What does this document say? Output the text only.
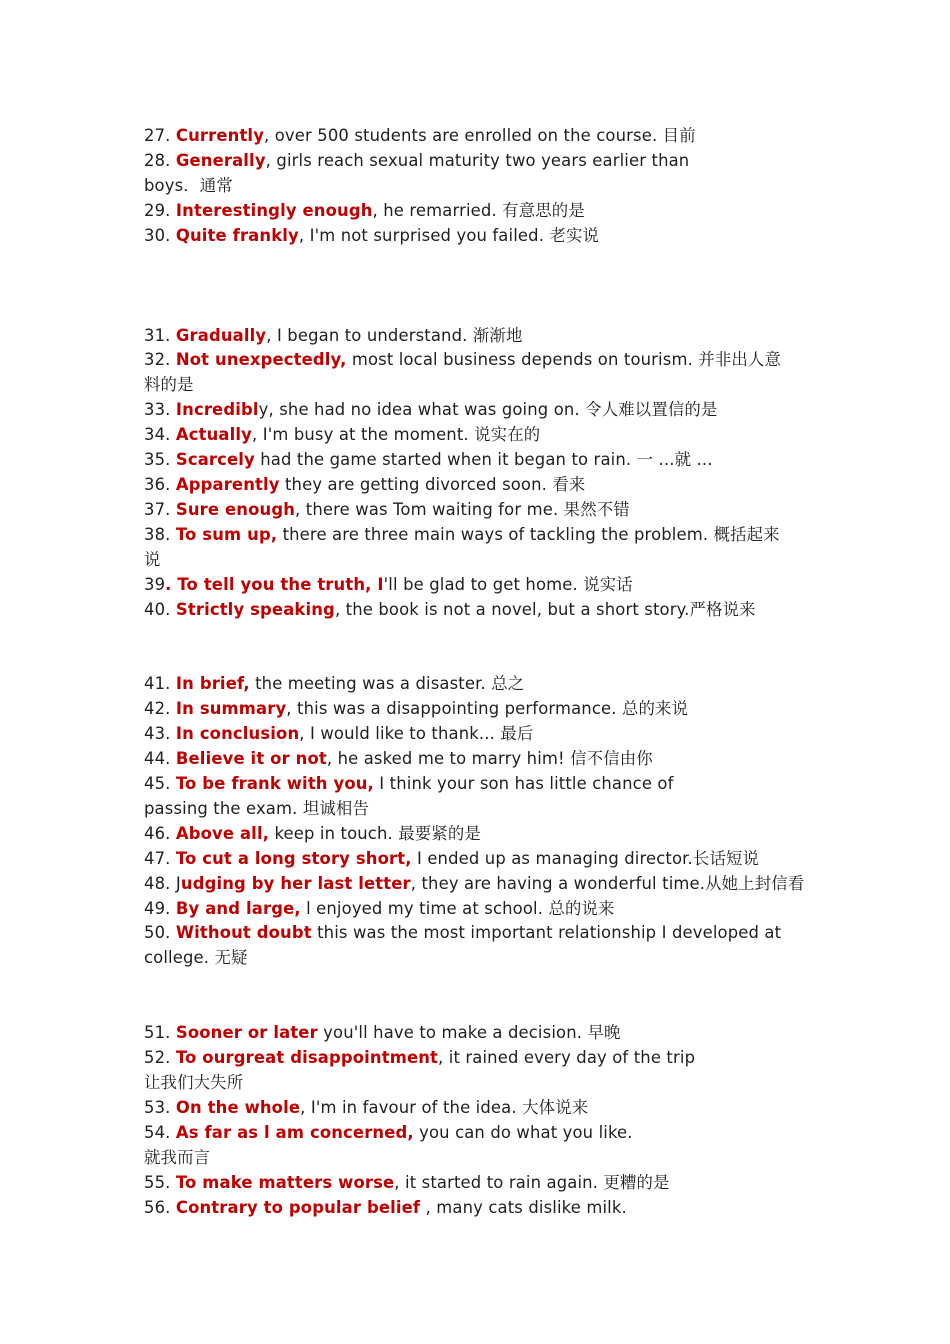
27. Currently, over 500 students are enrolled on the course. 目前
28. Generally, girls reach sexual maturity two years earlier than
boys．通常
29. Interestingly enough, he remarried. 有意思的是
30. Quite frankly, I'm not surprised you failed. 老实说
31. Gradually, I began to understand. 渐渐地
32. Not unexpectedly, most local business depends on tourism. 并非出人意
料的是
33. Incredibly, she had no idea what was going on. 令人难以置信的是
34. Actually, I'm busy at the moment. 说实在的
35. Scarcely had the game started when it began to rain. 一 ...就 ...
36. Apparently they are getting divorced soon. 看来
37. Sure enough, there was Tom waiting for me. 果然不错
38. To sum up, there are three main ways of tackling the problem. 概括起来
说
39. To tell you the truth, I'll be glad to get home. 说实话
40. Strictly speaking, the book is not a novel, but a short story.严格说来
41. In brief, the meeting was a disaster. 总之
42. In summary, this was a disappointing performance. 总的来说
43. In conclusion, I would like to thank... 最后
44. Believe it or not, he asked me to marry him! 信不信由你
45. To be frank with you, I think your son has little chance of
passing the exam. 坦诚相告
46. Above all, keep in touch. 最要紧的是
47. To cut a long story short, I ended up as managing director.长话短说
48. Judging by her last letter, they are having a wonderful time.从她上封信看
49. By and large, l enjoyed my time at school. 总的说来
50. Without doubt this was the most important relationship I developed at
college. 无疑
51. Sooner or later you'll have to make a decision. 早晚
52. To ourgreat disappointment, it rained every day of the trip
让我们大失所
53. On the whole, I'm in favour of the idea. 大体说来
54. As far as l am concerned, you can do what you like.
就我而言
55. To make matters worse, it started to rain again. 更糟的是
56. Contrary to popular belief , many cats dislike milk.
